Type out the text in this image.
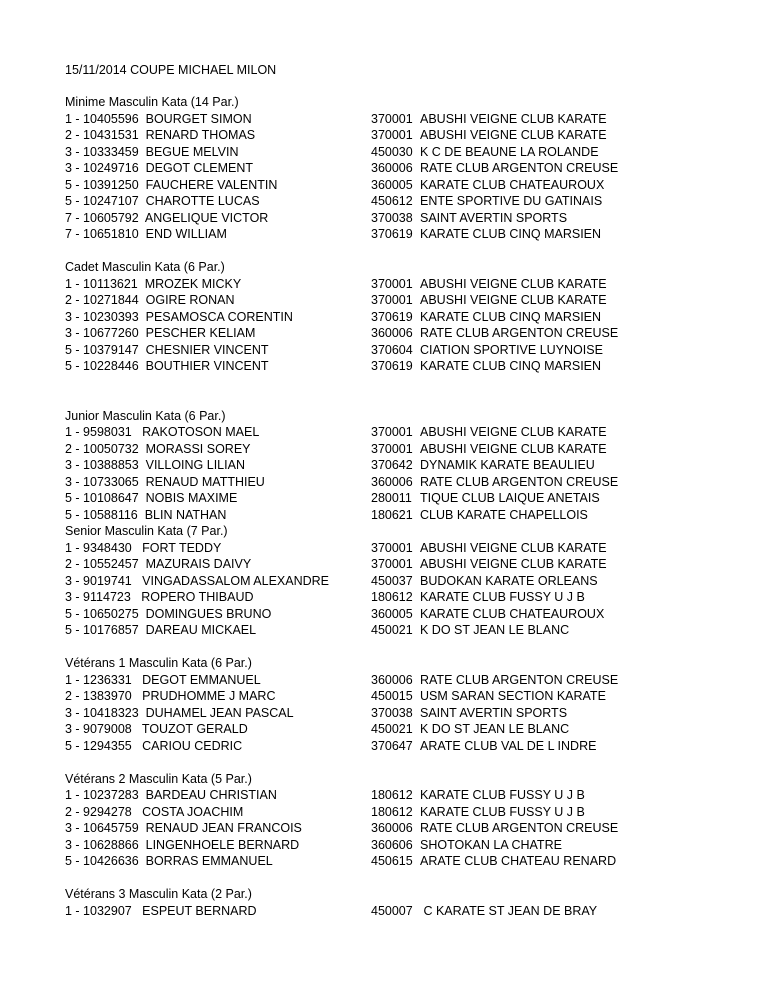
15/11/2014 COUPE MICHAEL MILON
Minime Masculin Kata (14 Par.)
1 - 10405596  BOURGET SIMON	370001 ABUSHI VEIGNE CLUB KARATE
2 - 10431531  RENARD THOMAS	370001 ABUSHI VEIGNE CLUB KARATE
3 - 10333459  BEGUE MELVIN	450030 K C DE BEAUNE LA ROLANDE
3 - 10249716  DEGOT CLEMENT	360006 RATE CLUB ARGENTON CREUSE
5 - 10391250  FAUCHERE VALENTIN	360005 KARATE CLUB CHATEAUROUX
5 - 10247107  CHAROTTE LUCAS	450612 ENTE SPORTIVE DU GATINAIS
7 - 10605792  ANGELIQUE VICTOR	370038 SAINT AVERTIN SPORTS
7 - 10651810  END WILLIAM	370619 KARATE CLUB CINQ MARSIEN
Cadet Masculin Kata (6 Par.)
1 - 10113621  MROZEK MICKY	370001 ABUSHI VEIGNE CLUB KARATE
2 - 10271844  OGIRE RONAN	370001 ABUSHI VEIGNE CLUB KARATE
3 - 10230393  PESAMOSCA CORENTIN	370619 KARATE CLUB CINQ MARSIEN
3 - 10677260  PESCHER KELIAM	360006 RATE CLUB ARGENTON CREUSE
5 - 10379147  CHESNIER VINCENT	370604 CIATION SPORTIVE LUYNOISE
5 - 10228446  BOUTHIER VINCENT	370619 KARATE CLUB CINQ MARSIEN
Junior Masculin Kata (6 Par.)
1 - 9598031   RAKOTOSON MAEL	370001 ABUSHI VEIGNE CLUB KARATE
2 - 10050732  MORASSI SOREY	370001 ABUSHI VEIGNE CLUB KARATE
3 - 10388853  VILLOING LILIAN	370642 DYNAMIK KARATE BEAULIEU
3 - 10733065  RENAUD MATTHIEU	360006 RATE CLUB ARGENTON CREUSE
5 - 10108647  NOBIS MAXIME	280011 TIQUE CLUB LAIQUE ANETAIS
5 - 10588116  BLIN NATHAN	180621 CLUB KARATE CHAPELLOIS
Senior Masculin Kata (7 Par.)
1 - 9348430   FORT TEDDY	370001 ABUSHI VEIGNE CLUB KARATE
2 - 10552457  MAZURAIS DAIVY	370001 ABUSHI VEIGNE CLUB KARATE
3 - 9019741   VINGADASSALOM ALEXANDRE	450037 BUDOKAN KARATE ORLEANS
3 - 9114723   ROPERO THIBAUD	180612 KARATE CLUB FUSSY U J B
5 - 10650275  DOMINGUES BRUNO	360005 KARATE CLUB CHATEAUROUX
5 - 10176857  DAREAU MICKAEL	450021 K DO ST JEAN LE BLANC
Vétérans 1 Masculin Kata (6 Par.)
1 - 1236331   DEGOT EMMANUEL	360006 RATE CLUB ARGENTON CREUSE
2 - 1383970   PRUDHOMME J MARC	450015 USM SARAN SECTION KARATE
3 - 10418323  DUHAMEL JEAN PASCAL	370038 SAINT AVERTIN SPORTS
3 - 9079008   TOUZOT GERALD	450021 K DO ST JEAN LE BLANC
5 - 1294355   CARIOU CEDRIC	370647 ARATE CLUB VAL DE L INDRE
Vétérans 2 Masculin Kata (5 Par.)
1 - 10237283  BARDEAU CHRISTIAN	180612 KARATE CLUB FUSSY U J B
2 - 9294278   COSTA JOACHIM	180612 KARATE CLUB FUSSY U J B
3 - 10645759  RENAUD JEAN FRANCOIS	360006 RATE CLUB ARGENTON CREUSE
3 - 10628866  LINGENHOELE BERNARD	360606 SHOTOKAN LA CHATRE
5 - 10426636  BORRAS EMMANUEL	450615 ARATE CLUB CHATEAU RENARD
Vétérans 3 Masculin Kata (2 Par.)
1 - 1032907   ESPEUT BERNARD	450007 C KARATE ST JEAN DE BRAY
